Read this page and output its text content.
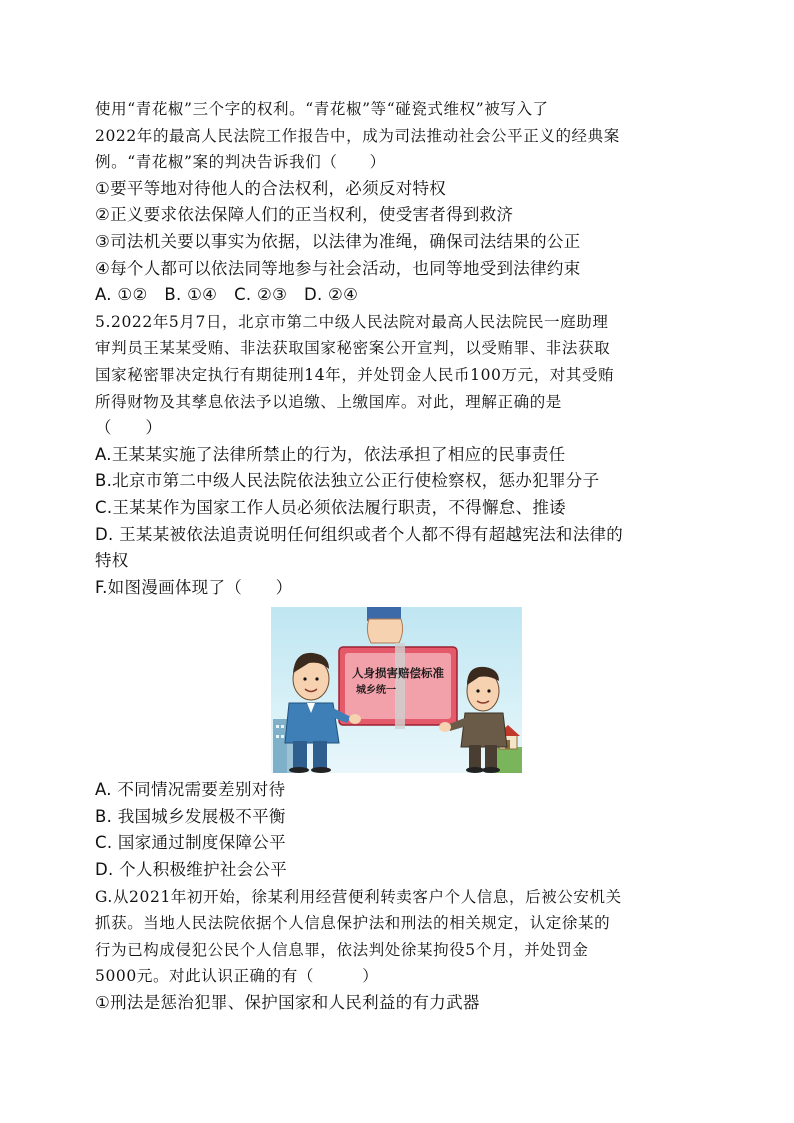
使用“青花椒”三个字的权利。“青花椒”等“碰瓷式维权”被写入了
2022年的最高人民法院工作报告中，成为司法推动社会公平正义的经典案
例。“青花椒”案的判决告诉我们（　　）
①要平等地对待他人的合法权利，必须反对特权
②正义要求依法保障人们的正当权利，使受害者得到救济
③司法机关要以事实为依据，以法律为准绳，确保司法结果的公正
④每个人都可以依法同等地参与社会活动，也同等地受到法律约束
A. ①②　B. ①④　C. ②③　D. ②④
5.2022年5月7日，北京市第二中级人民法院对最高人民法院民一庭助理
审判员王某某受贿、非法获取国家秘密案公开宣判，以受贿罪、非法获取
国家秘密罪决定执行有期徒刑14年，并处罚金人民币100万元，对其受贿
所得财物及其孳息依法予以追缴、上缴国库。对此，理解正确的是
（　　）
A.王某某实施了法律所禁止的行为，依法承担了相应的民事责任
B.北京市第二中级人民法院依法独立公正行使检察权，惩办犯罪分子
C.王某某作为国家工作人员必须依法履行职责，不得懈怠、推诿
D. 王某某被依法追责说明任何组织或者个人都不得有超越宪法和法律的
特权
F.如图漫画体现了（　　）
人身损害赔偿标准
城乡统一
A. 不同情况需要差别对待
B. 我国城乡发展极不平衡
C. 国家通过制度保障公平
D. 个人积极维护社会公平
G.从2021年初开始，徐某利用经营便利转卖客户个人信息，后被公安机关
抓获。当地人民法院依据个人信息保护法和刑法的相关规定，认定徐某的
行为已构成侵犯公民个人信息罪，依法判处徐某拘役5个月，并处罚金
5000元。对此认识正确的有（　　　）
①刑法是惩治犯罪、保护国家和人民利益的有力武器
